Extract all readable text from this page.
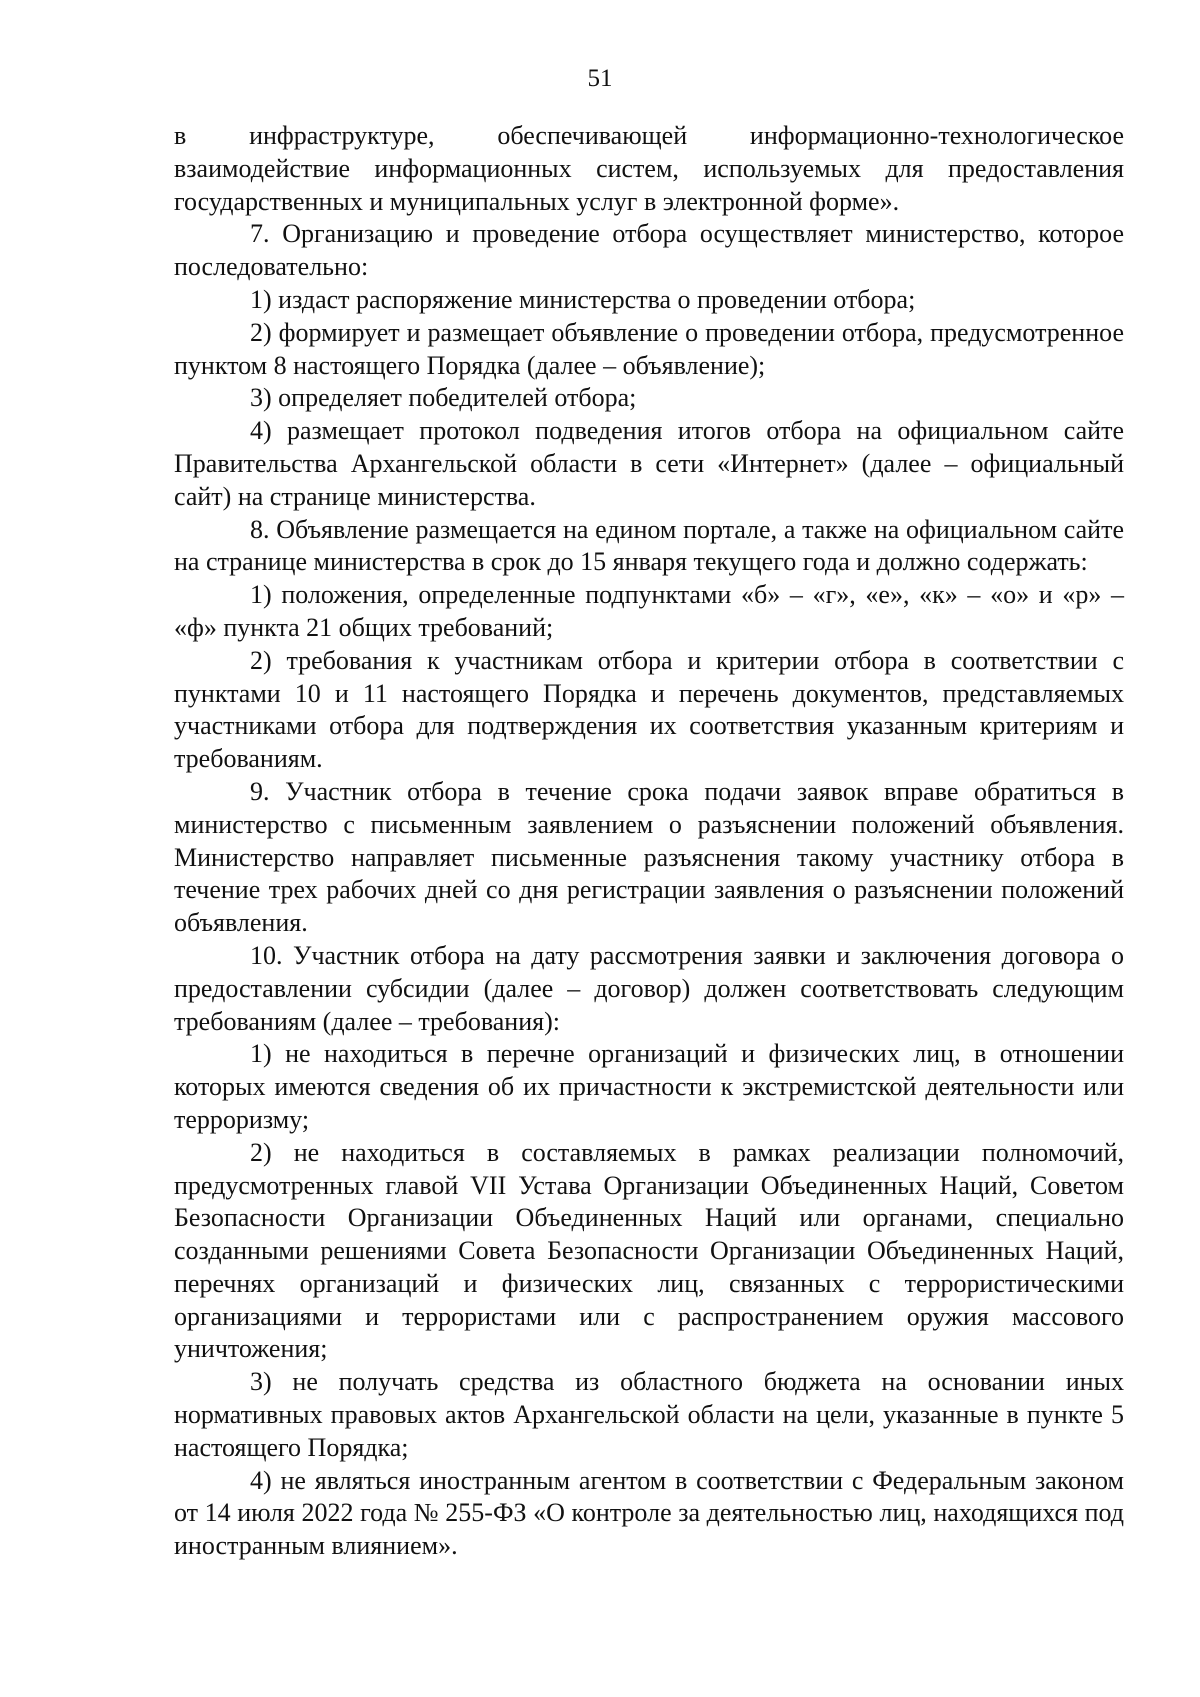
51

в инфраструктуре, обеспечивающей информационно-технологическое взаимодействие информационных систем, используемых для предоставления государственных и муниципальных услуг в электронной форме».

7. Организацию и проведение отбора осуществляет министерство, которое последовательно:

1) издаст распоряжение министерства о проведении отбора;

2) формирует и размещает объявление о проведении отбора, предусмотренное пунктом 8 настоящего Порядка (далее – объявление);

3) определяет победителей отбора;

4) размещает протокол подведения итогов отбора на официальном сайте Правительства Архангельской области в сети «Интернет» (далее – официальный сайт) на странице министерства.

8. Объявление размещается на едином портале, а также на официальном сайте на странице министерства в срок до 15 января текущего года и должно содержать:

1) положения, определенные подпунктами «б» – «г», «е», «к» – «о» и «р» – «ф» пункта 21 общих требований;

2) требования к участникам отбора и критерии отбора в соответствии с пунктами 10 и 11 настоящего Порядка и перечень документов, представляемых участниками отбора для подтверждения их соответствия указанным критериям и требованиям.

9. Участник отбора в течение срока подачи заявок вправе обратиться в министерство с письменным заявлением о разъяснении положений объявления. Министерство направляет письменные разъяснения такому участнику отбора в течение трех рабочих дней со дня регистрации заявления о разъяснении положений объявления.

10. Участник отбора на дату рассмотрения заявки и заключения договора о предоставлении субсидии (далее – договор) должен соответствовать следующим требованиям (далее – требования):

1) не находиться в перечне организаций и физических лиц, в отношении которых имеются сведения об их причастности к экстремистской деятельности или терроризму;

2) не находиться в составляемых в рамках реализации полномочий, предусмотренных главой VII Устава Организации Объединенных Наций, Советом Безопасности Организации Объединенных Наций или органами, специально созданными решениями Совета Безопасности Организации Объединенных Наций, перечнях организаций и физических лиц, связанных с террористическими организациями и террористами или с распространением оружия массового уничтожения;

3) не получать средства из областного бюджета на основании иных нормативных правовых актов Архангельской области на цели, указанные в пункте 5 настоящего Порядка;

4) не являться иностранным агентом в соответствии с Федеральным законом от 14 июля 2022 года № 255-ФЗ «О контроле за деятельностью лиц, находящихся под иностранным влиянием».
